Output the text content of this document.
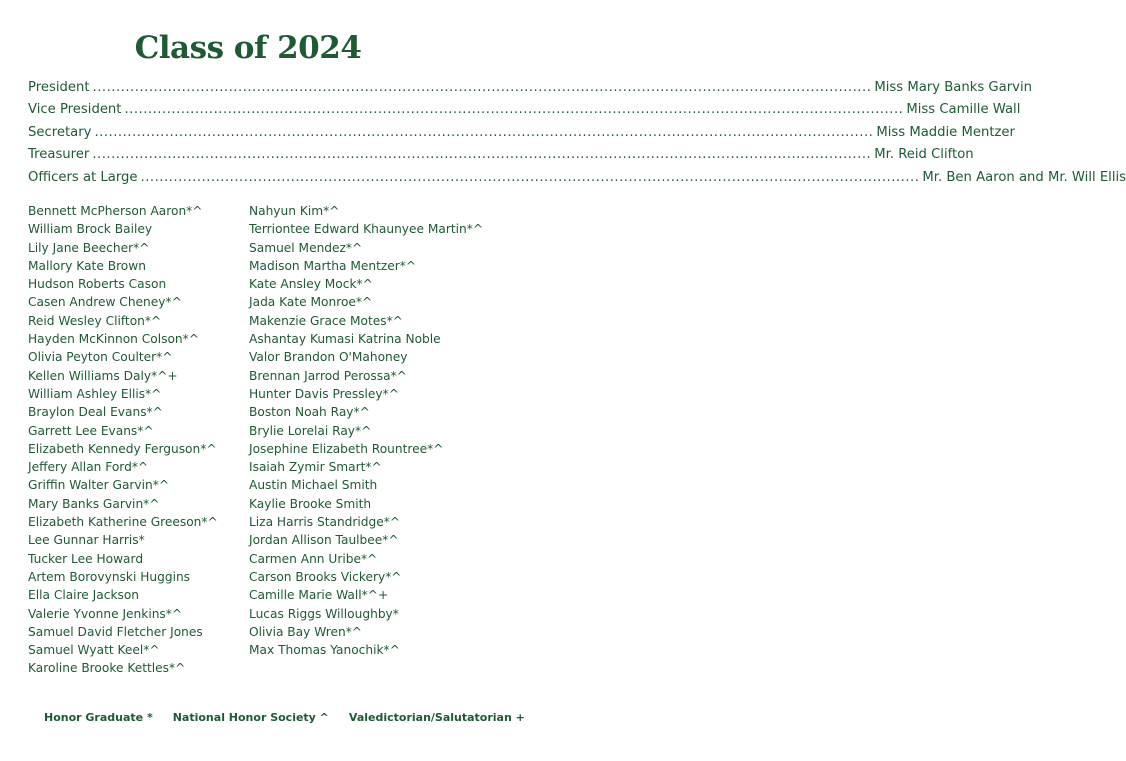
Class of 2024
President .....	Miss Mary Banks Garvin
Vice President .....	Miss Camille Wall
Secretary .....	Miss Maddie Mentzer
Treasurer .....	Mr. Reid Clifton
Officers at Large .....	Mr. Ben Aaron and Mr. Will Ellis
Bennett McPherson Aaron*^
William Brock Bailey
Lily Jane Beecher*^
Mallory Kate Brown
Hudson Roberts Cason
Casen Andrew Cheney*^
Reid Wesley Clifton*^
Hayden McKinnon Colson*^
Olivia Peyton Coulter*^
Kellen Williams Daly*^+
William Ashley Ellis*^
Braylon Deal Evans*^
Garrett Lee Evans*^
Elizabeth Kennedy Ferguson*^
Jeffery Allan Ford*^
Griffin Walter Garvin*^
Mary Banks Garvin*^
Elizabeth Katherine Greeson*^
Lee Gunnar Harris*
Tucker Lee Howard
Artem Borovynski Huggins
Ella Claire Jackson
Valerie Yvonne Jenkins*^
Samuel David Fletcher Jones
Samuel Wyatt Keel*^
Karoline Brooke Kettles*^
Nahyun Kim*^
Terriontee Edward Khaunyee Martin*^
Samuel Mendez*^
Madison Martha Mentzer*^
Kate Ansley Mock*^
Jada Kate Monroe*^
Makenzie Grace Motes*^
Ashantay Kumasi Katrina Noble
Valor Brandon O'Mahoney
Brennan Jarrod Perossa*^
Hunter Davis Pressley*^
Boston Noah Ray*^
Brylie Lorelai Ray*^
Josephine Elizabeth Rountree*^
Isaiah Zymir Smart*^
Austin Michael Smith
Kaylie Brooke Smith
Liza Harris Standridge*^
Jordan Allison Taulbee*^
Carmen Ann Uribe*^
Carson Brooks Vickery*^
Camille Marie Wall*^+
Lucas Riggs Willoughby*
Olivia Bay Wren*^
Max Thomas Yanochik*^
Honor Graduate * National Honor Society ^ Valedictorian/Salutatorian +
